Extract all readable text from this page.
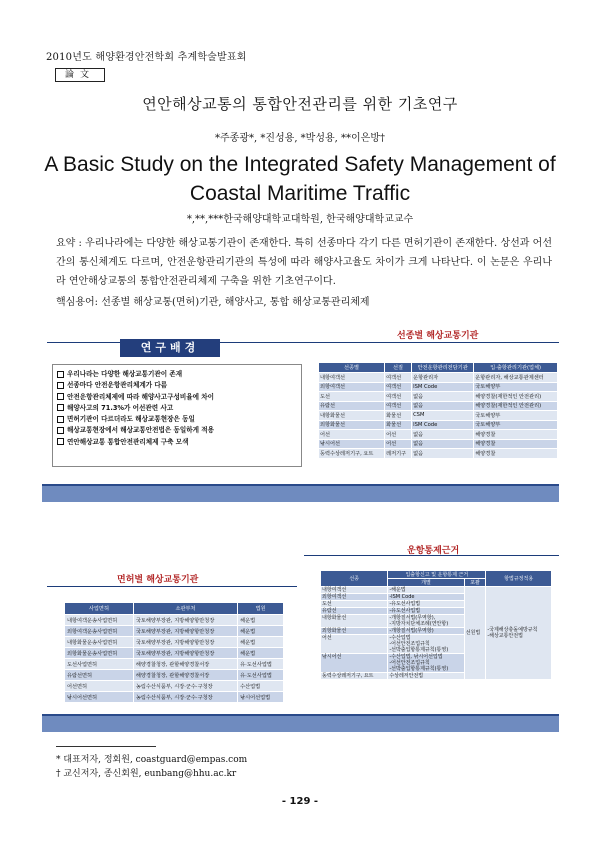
2010년도 해양환경안전학회 추계학술발표회
論文
연안해상교통의 통합안전관리를 위한 기초연구
*주종광*, *진성용, *박성용, **이은방†
A Basic Study on the Integrated Safety Management of
Coastal Maritime Traffic
*,**,***한국해양대학교대학원, 한국해양대학교교수
요약 : 우리나라에는 다양한 해상교통기관이 존재한다. 특히 선종마다 각기 다른 면허기관이 존재한다. 상선과 어선간의 통신체계도 다르며, 안전운항관리기관의 특성에 따라 해양사고율도 차이가 크게 나타난다. 이 논문은 우리나라 연안해상교통의 통합안전관리체제 구축을 위한 기초연구이다.
핵심용어: 선종별 해상교통(면허)기관, 해양사고, 통합 해상교통관리체제
연구배경
우리나라는 다양한 해상교통기관이 존재
선종마다 안전운항관리체계가 다름
안전운항관리체제에 따라 해양사고구성비율에 차이
해양사고의 71.3%가 어선관련 사고
면허기관이 다르더라도 해상교통현장은 동일
해상교통현장에서 해상교통안전법은 동일하게 적용
연안해상교통 통합안전관리체제 구축 모색
선종별 해상교통기관
선종별	선질	안전운항관리전담기관	입·출항관리기관(업체)
내항여객선	여객선	운항관리자	운항관리자, 해상교통관제센터
외항여객선	여객선	ISM Code	국토해양부
도선	여객선	없음	해양경찰(재한적인 안전관리)
유람선	여객선	없음	해양경찰(재한적인 안전관리)
내항화물선	화물선	CSM	국토해양부
외항화물선	화물선	ISM Code	국토해양부
어선	어선	없음	해양경찰
낚시어선	어선	없음	해양경찰
동력수상레저기구, 요트	레저기구	없음	해양경찰
운항통제근거
면허별 해상교통기관
사업면허	소관부처	법원
내항여객운송사업면허	국토해양부장관, 지방해양항만청장	해운법
외항여객운송사업면허	국토해양부장관, 지방해양항만청장	해운법
내항화물운송사업면허	국토해양부장관, 지방해양항만청장	해운법
외항화물운송사업면허	국토해양부장관, 지방해양항만청장	해운법
도선사업면허	해양경찰청장, 관할해양경찰서장	유·도선사업법
유람선면허	해양경찰청장, 관할해양경찰서장	유·도선사업법
어선면허	농림수산식품부, 시장·군수·구청장	수산업법
낚시어선면허	농림수산식품부, 시장·군수·구청장	낚시어선업법
선종	입출항신고 및 운항통제 근거		항법규정적용
	개별	포괄	
내항여객선	-해운법	선원법	-국제해상충돌예방규칙
-해상교통안전법
외항여객선	-ISM Code		
도선	-유도선사업법		
유람선	-유도선사업법		
내항화물선	-개항질서법(무역항),
-지방자치단체조례(연안항)		
외항화물선	-개항질서법(무역항)		
어선	-수산업법
-어선안전조업규칙
-선박출입항통제규칙(통영)		
낚시어선	-수산업법, 낚시어선업법
-어선안전조업규칙
-선박출입항통제규칙(통영)		
동력수상레저기구, 요트	수상레저안전법		
* 대표저자, 정회원, coastguard@empas.com
† 교신저자, 종신회원, eunbang@hhu.ac.kr
- 129 -
